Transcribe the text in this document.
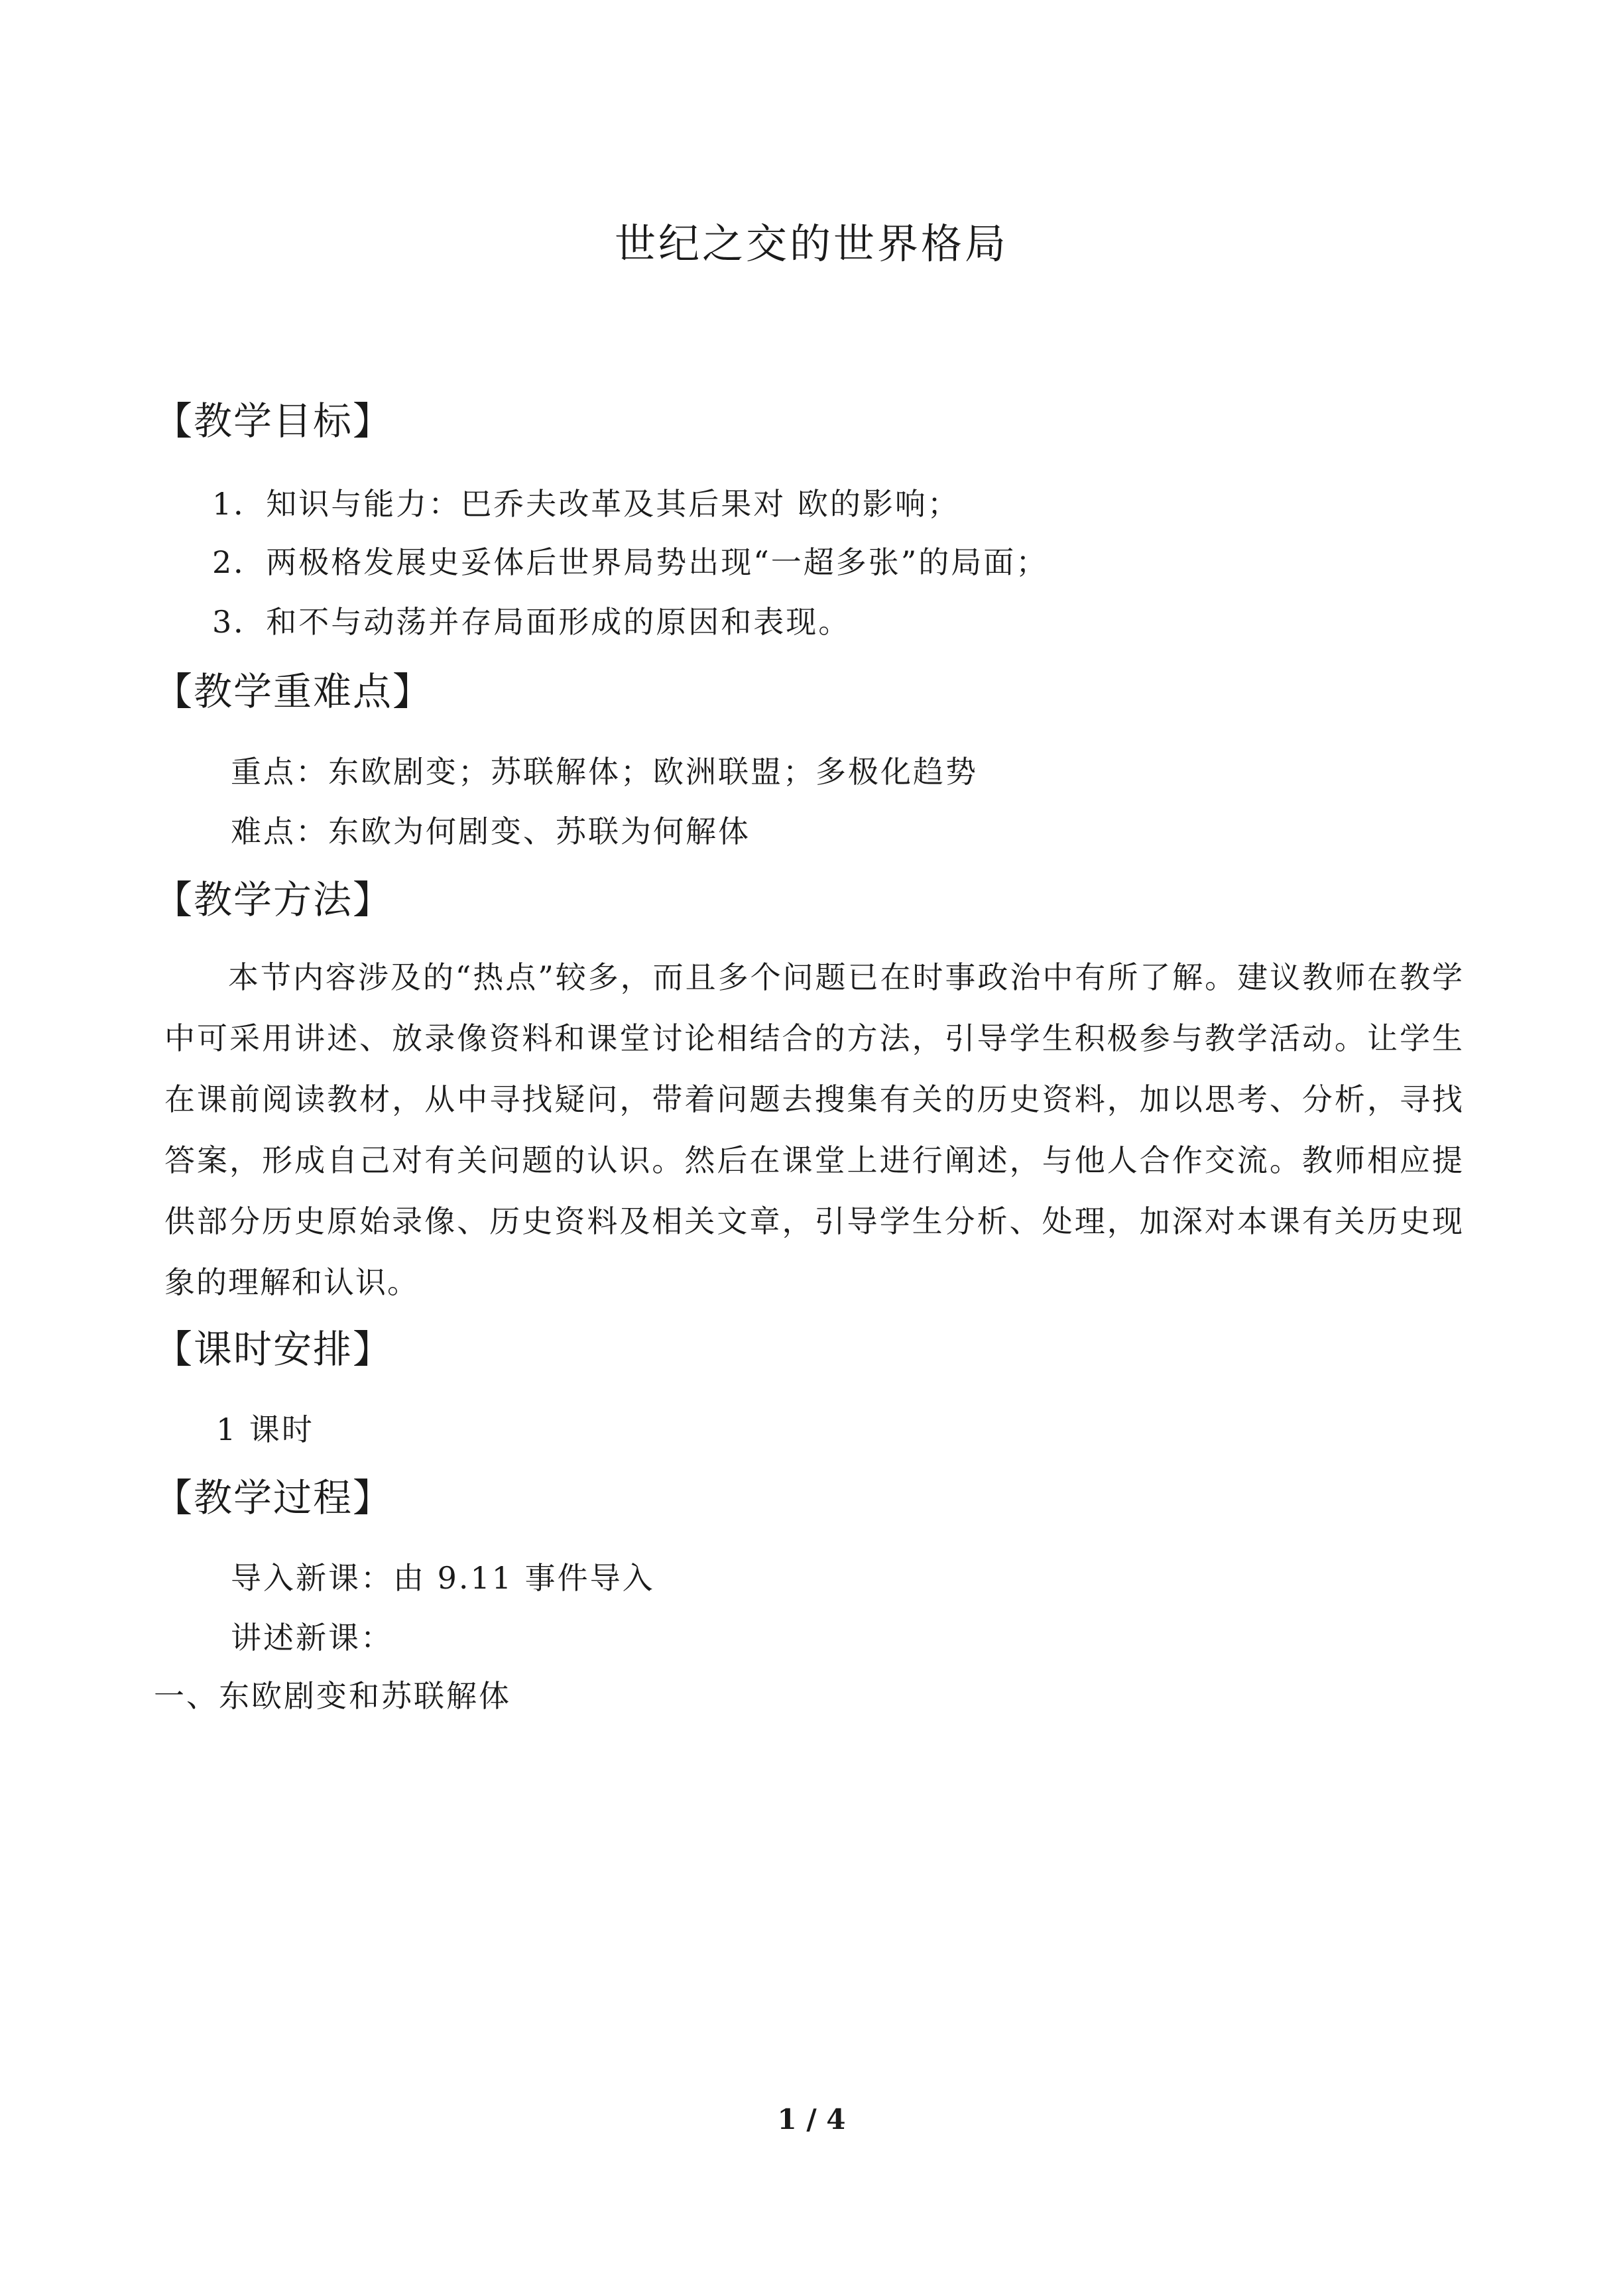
世纪之交的世界格局
【教学目标】
1．知识与能力：巴乔夫改革及其后果对 欧的影响；
2．两极格发展史妥体后世界局势出现“一超多张”的局面；
3．和不与动荡并存局面形成的原因和表现。
【教学重难点】
重点：东欧剧变；苏联解体；欧洲联盟；多极化趋势
难点：东欧为何剧变、苏联为何解体
【教学方法】
本节内容涉及的“热点”较多，而且多个问题已在时事政治中有所了解。建议教师在教学中可采用讲述、放录像资料和课堂讨论相结合的方法，引导学生积极参与教学活动。让学生在课前阅读教材，从中寻找疑问，带着问题去搜集有关的历史资料，加以思考、分析，寻找答案，形成自己对有关问题的认识。然后在课堂上进行阐述，与他人合作交流。教师相应提供部分历史原始录像、历史资料及相关文章，引导学生分析、处理，加深对本课有关历史现象的理解和认识。
【课时安排】
1 课时
【教学过程】
导入新课：由 9.11 事件导入
讲述新课：
一、东欧剧变和苏联解体
1 / 4
